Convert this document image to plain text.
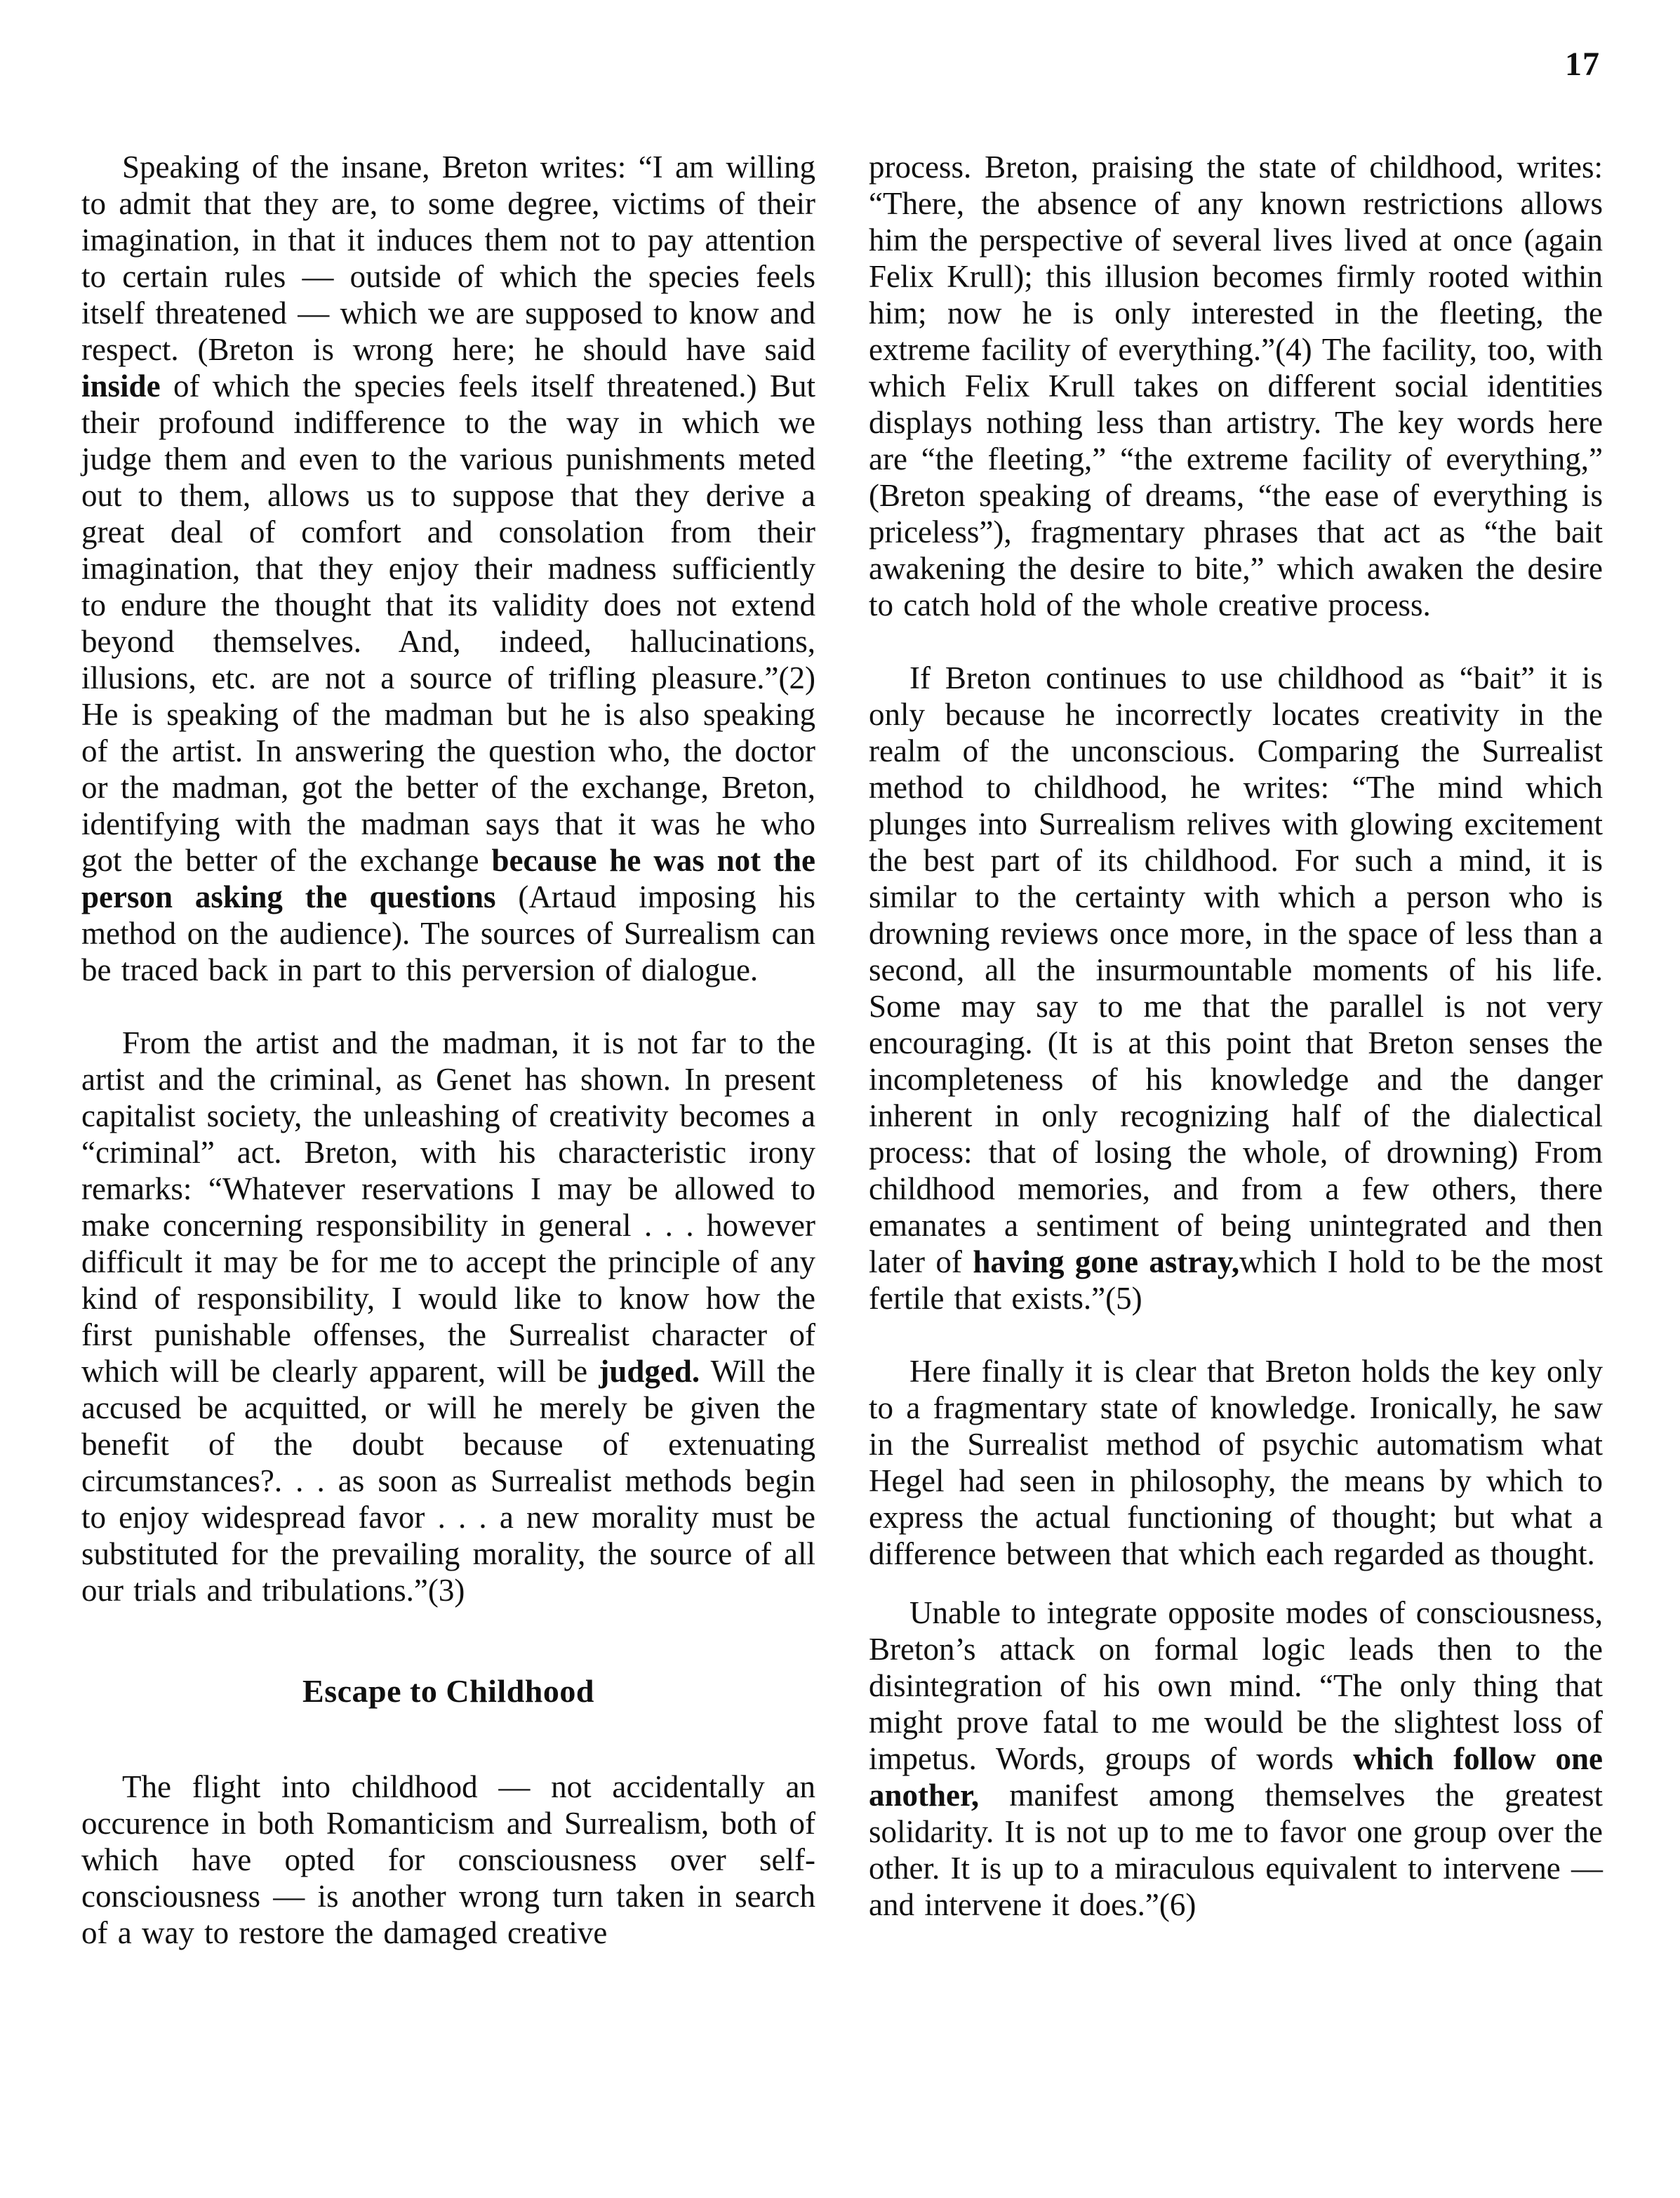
17

Speaking of the insane, Breton writes: “I am willing to admit that they are, to some degree, victims of their imagination, in that it induces them not to pay attention to certain rules — outside of which the species feels itself threatened — which we are supposed to know and respect. (Breton is wrong here; he should have said inside of which the species feels itself threatened.) But their profound indifference to the way in which we judge them and even to the various punishments meted out to them, allows us to suppose that they derive a great deal of comfort and consolation from their imagination, that they enjoy their madness sufficiently to endure the thought that its validity does not extend beyond themselves. And, indeed, hallucinations, illusions, etc. are not a source of trifling pleasure.”(2) He is speaking of the madman but he is also speaking of the artist. In answering the question who, the doctor or the madman, got the better of the exchange, Breton, identifying with the madman says that it was he who got the better of the exchange because he was not the person asking the questions (Artaud imposing his method on the audience). The sources of Surrealism can be traced back in part to this perversion of dialogue.

From the artist and the madman, it is not far to the artist and the criminal, as Genet has shown. In present capitalist society, the unleashing of creativity becomes a “criminal” act. Breton, with his characteristic irony remarks: “Whatever reservations I may be allowed to make concerning responsibility in general . . . however difficult it may be for me to accept the principle of any kind of responsibility, I would like to know how the first punishable offenses, the Surrealist character of which will be clearly apparent, will be judged. Will the accused be acquitted, or will he merely be given the benefit of the doubt because of extenuating circumstances?. . . as soon as Surrealist methods begin to enjoy widespread favor . . . a new morality must be substituted for the prevailing morality, the source of all our trials and tribulations.”(3)

Escape to Childhood

The flight into childhood — not accidentally an occurence in both Romanticism and Surrealism, both of which have opted for consciousness over self-consciousness — is another wrong turn taken in search of a way to restore the damaged creative

process. Breton, praising the state of childhood, writes: “There, the absence of any known restrictions allows him the perspective of several lives lived at once (again Felix Krull); this illusion becomes firmly rooted within him; now he is only interested in the fleeting, the extreme facility of everything.”(4) The facility, too, with which Felix Krull takes on different social identities displays nothing less than artistry. The key words here are “the fleeting,” “the extreme facility of everything,” (Breton speaking of dreams, “the ease of everything is priceless”), fragmentary phrases that act as “the bait awakening the desire to bite,” which awaken the desire to catch hold of the whole creative process.

If Breton continues to use childhood as “bait” it is only because he incorrectly locates creativity in the realm of the unconscious. Comparing the Surrealist method to childhood, he writes: “The mind which plunges into Surrealism relives with glowing excitement the best part of its childhood. For such a mind, it is similar to the certainty with which a person who is drowning reviews once more, in the space of less than a second, all the insurmountable moments of his life. Some may say to me that the parallel is not very encouraging. (It is at this point that Breton senses the incompleteness of his knowledge and the danger inherent in only recognizing half of the dialectical process: that of losing the whole, of drowning) From childhood memories, and from a few others, there emanates a sentiment of being unintegrated and then later of having gone astray,which I hold to be the most fertile that exists.”(5)

Here finally it is clear that Breton holds the key only to a fragmentary state of knowledge. Ironically, he saw in the Surrealist method of psychic automatism what Hegel had seen in philosophy, the means by which to express the actual functioning of thought; but what a difference between that which each regarded as thought.

Unable to integrate opposite modes of consciousness, Breton’s attack on formal logic leads then to the disintegration of his own mind. “The only thing that might prove fatal to me would be the slightest loss of impetus. Words, groups of words which follow one another, manifest among themselves the greatest solidarity. It is not up to me to favor one group over the other. It is up to a miraculous equivalent to intervene — and intervene it does.”(6)
